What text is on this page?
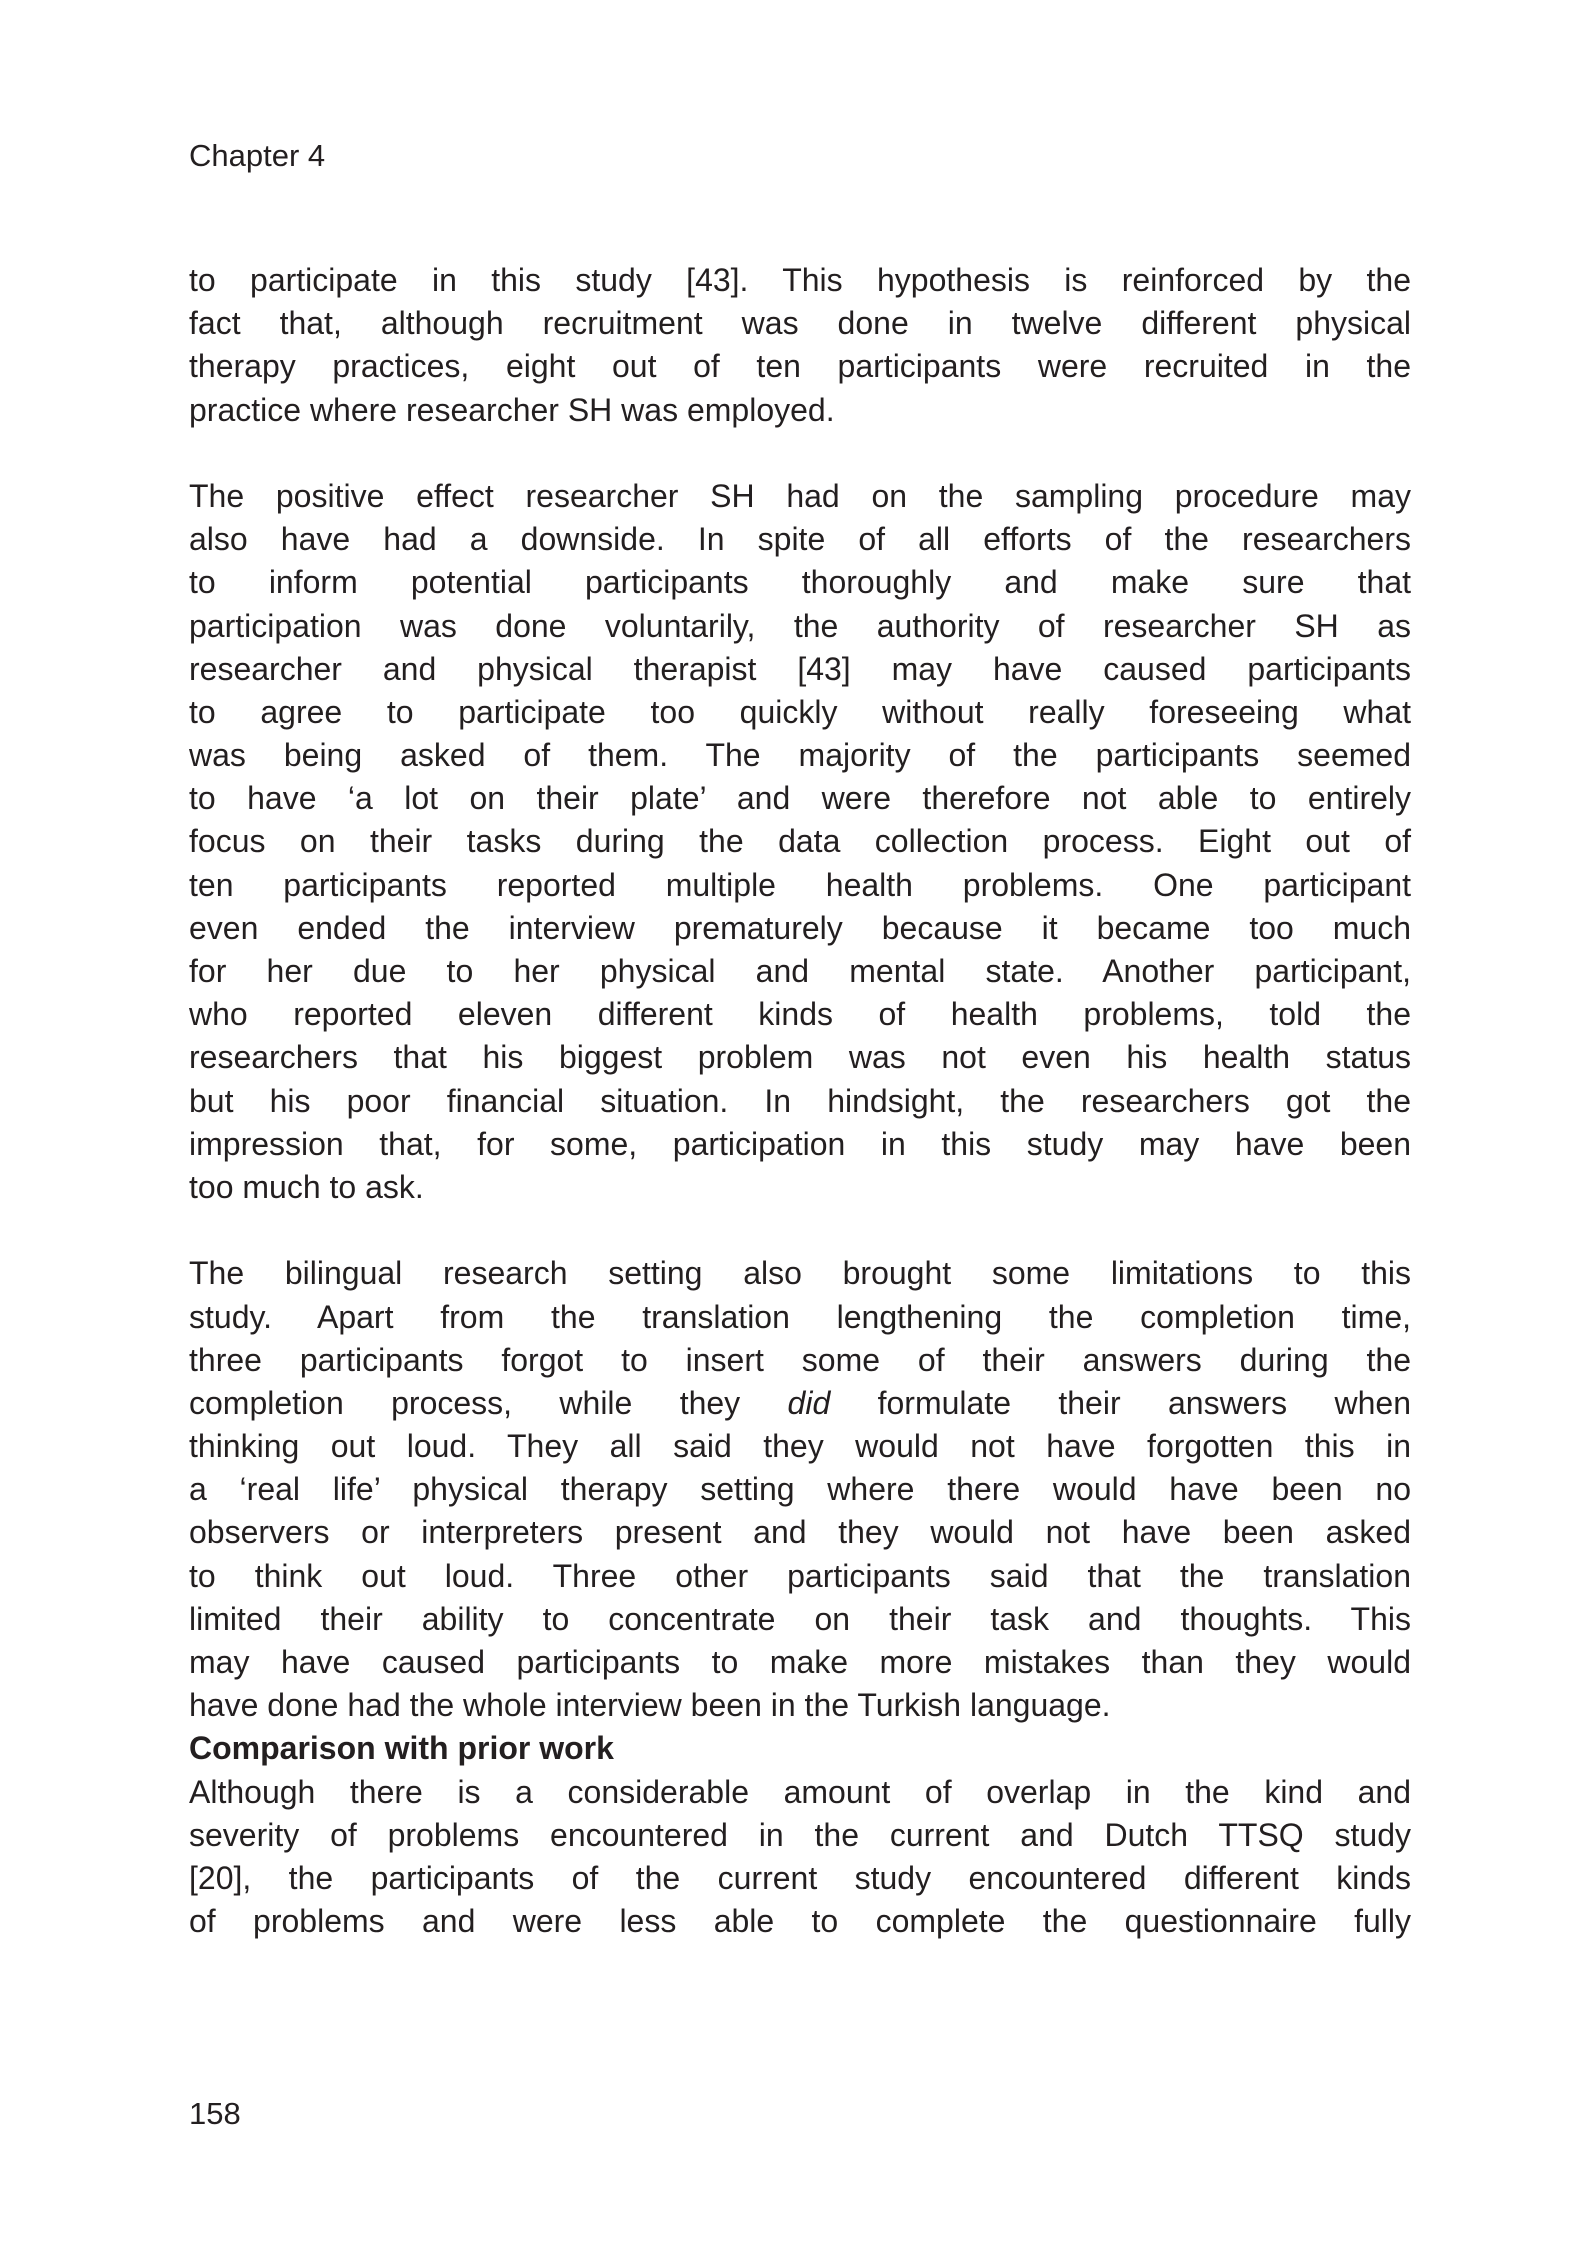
Chapter 4
to participate in this study [43]. This hypothesis is reinforced by the
fact that, although recruitment was done in twelve different physical
therapy practices, eight out of ten participants were recruited in the
practice where researcher SH was employed.
The positive effect researcher SH had on the sampling procedure may
also have had a downside. In spite of all efforts of the researchers
to inform potential participants thoroughly and make sure that
participation was done voluntarily, the authority of researcher SH as
researcher and physical therapist [43] may have caused participants
to agree to participate too quickly without really foreseeing what
was being asked of them. The majority of the participants seemed
to have ‘a lot on their plate’ and were therefore not able to entirely
focus on their tasks during the data collection process. Eight out of
ten participants reported multiple health problems. One participant
even ended the interview prematurely because it became too much
for her due to her physical and mental state. Another participant,
who reported eleven different kinds of health problems, told the
researchers that his biggest problem was not even his health status
but his poor financial situation. In hindsight, the researchers got the
impression that, for some, participation in this study may have been
too much to ask.
The bilingual research setting also brought some limitations to this
study. Apart from the translation lengthening the completion time,
three participants forgot to insert some of their answers during the
completion process, while they did formulate their answers when
thinking out loud. They all said they would not have forgotten this in
a ‘real life’ physical therapy setting where there would have been no
observers or interpreters present and they would not have been asked
to think out loud. Three other participants said that the translation
limited their ability to concentrate on their task and thoughts. This
may have caused participants to make more mistakes than they would
have done had the whole interview been in the Turkish language.
Comparison with prior work
Although there is a considerable amount of overlap in the kind and
severity of problems encountered in the current and Dutch TTSQ study
[20], the participants of the current study encountered different kinds
of problems and were less able to complete the questionnaire fully
158
